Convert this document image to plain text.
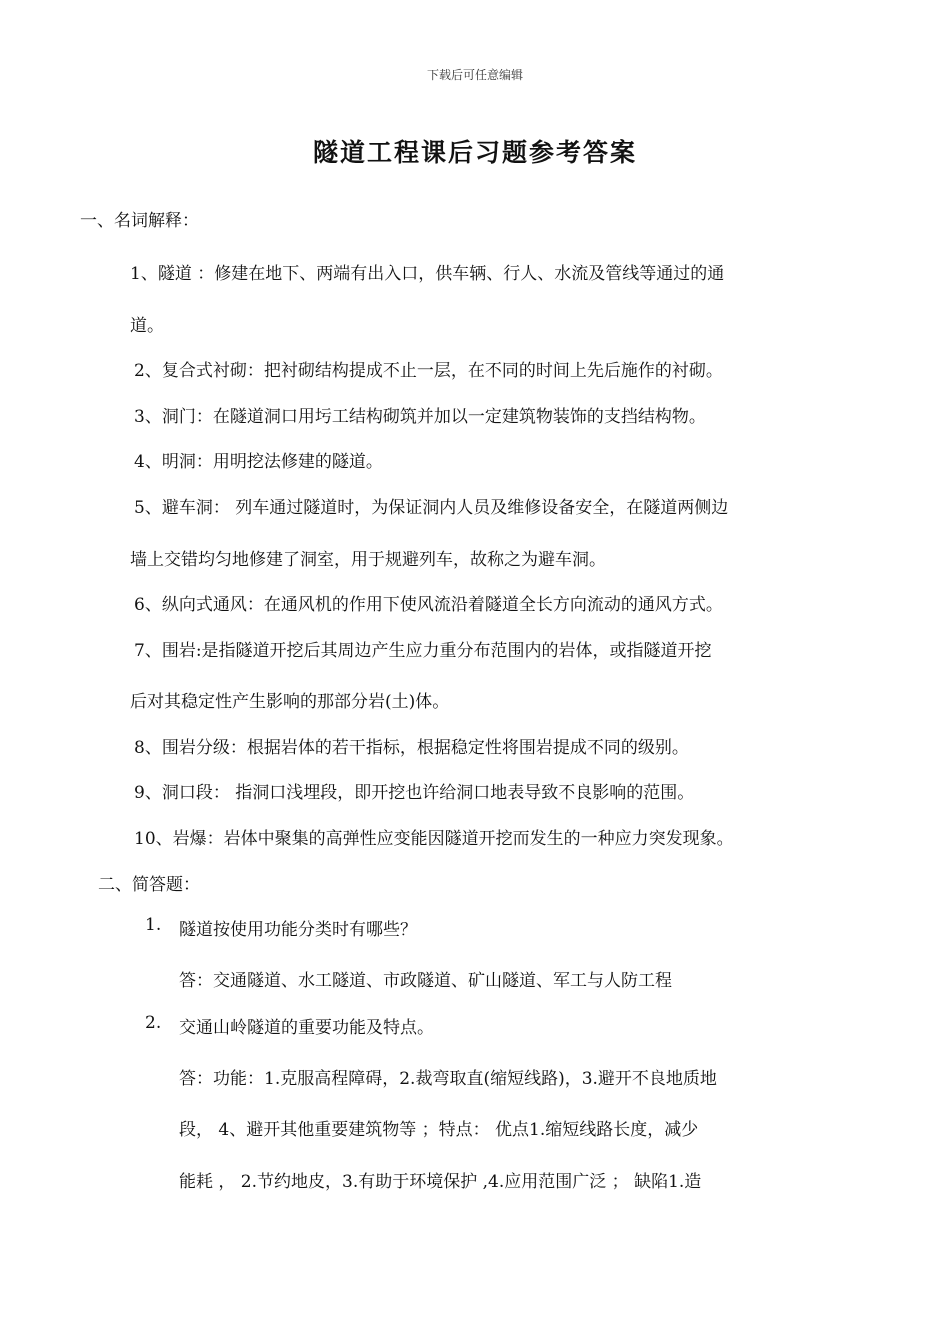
下载后可任意编辑
隧道工程课后习题参考答案
一、名词解释：
1、隧道 ：修建在地下、两端有出入口，供车辆、行人、水流及管线等通过的通
道。
2、复合式衬砌：把衬砌结构提成不止一层，在不同的时间上先后施作的衬砌。
3、洞门：在隧道洞口用圬工结构砌筑并加以一定建筑物装饰的支挡结构物。
4、明洞：用明挖法修建的隧道。
5、避车洞： 列车通过隧道时，为保证洞内人员及维修设备安全，在隧道两侧边
墙上交错均匀地修建了洞室，用于规避列车，故称之为避车洞。
6、纵向式通风：在通风机的作用下使风流沿着隧道全长方向流动的通风方式。
7、围岩:是指隧道开挖后其周边产生应力重分布范围内的岩体，或指隧道开挖
后对其稳定性产生影响的那部分岩(土)体。
8、围岩分级：根据岩体的若干指标，根据稳定性将围岩提成不同的级别。
9、洞口段： 指洞口浅埋段，即开挖也许给洞口地表导致不良影响的范围。
10、岩爆：岩体中聚集的高弹性应变能因隧道开挖而发生的一种应力突发现象。
二、简答题：
1. 隧道按使用功能分类时有哪些？
答：交通隧道、水工隧道、市政隧道、矿山隧道、军工与人防工程
2. 交通山岭隧道的重要功能及特点。
答：功能：1.克服高程障碍，2.裁弯取直(缩短线路)，3.避开不良地质地
段， 4、避开其他重要建筑物等 ；特点： 优点1.缩短线路长度，减少
能耗 ， 2.节约地皮，3.有助于环境保护 ,4.应用范围广泛 ； 缺陷1.造
